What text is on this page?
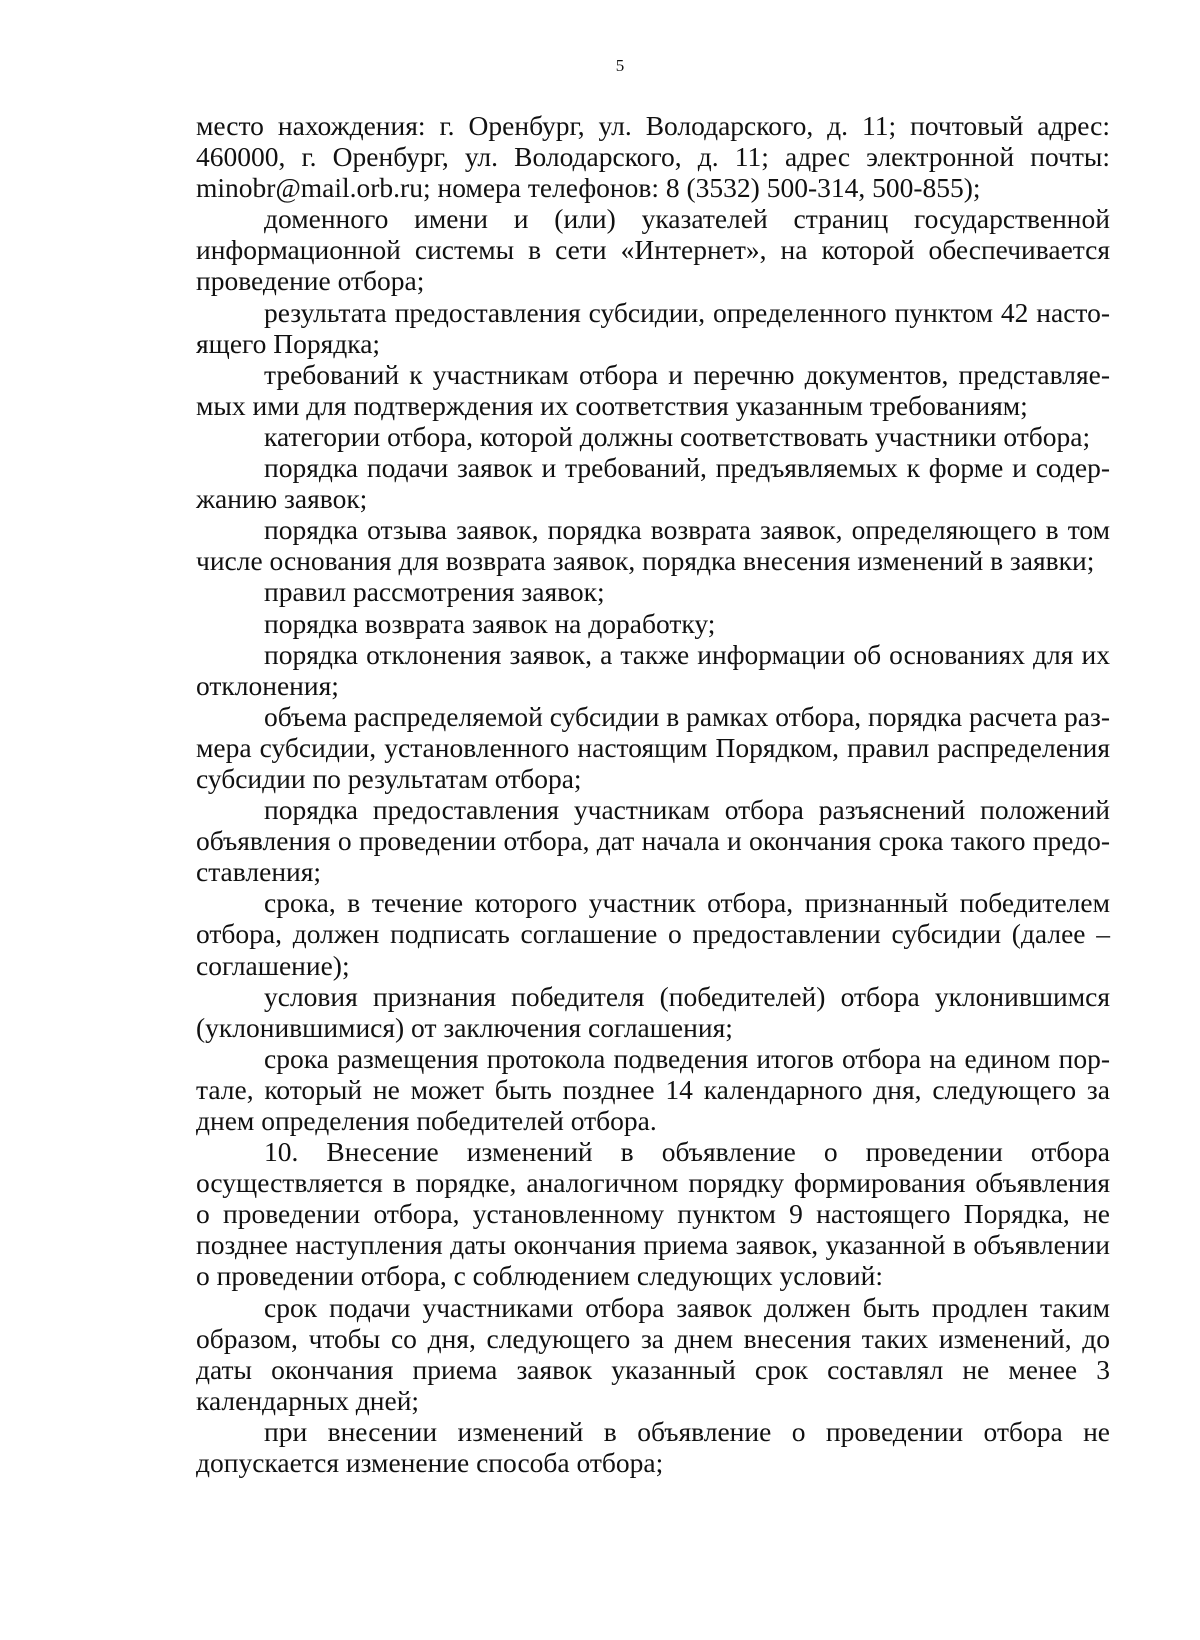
5

место нахождения: г. Оренбург, ул. Володарского, д. 11; почтовый адрес: 460000, г. Оренбург, ул. Володарского, д. 11; адрес электронной почты: minobr@mail.orb.ru; номера телефонов: 8 (3532) 500-314, 500-855);

доменного имени и (или) указателей страниц государственной информационной системы в сети «Интернет», на которой обеспечивается проведение отбора;

результата предоставления субсидии, определенного пунктом 42 настоящего Порядка;

требований к участникам отбора и перечню документов, представляемых ими для подтверждения их соответствия указанным требованиям;

категории отбора, которой должны соответствовать участники отбора;

порядка подачи заявок и требований, предъявляемых к форме и содержанию заявок;

порядка отзыва заявок, порядка возврата заявок, определяющего в том числе основания для возврата заявок, порядка внесения изменений в заявки;

правил рассмотрения заявок;

порядка возврата заявок на доработку;

порядка отклонения заявок, а также информации об основаниях для их отклонения;

объема распределяемой субсидии в рамках отбора, порядка расчета размера субсидии, установленного настоящим Порядком, правил распределения субсидии по результатам отбора;

порядка предоставления участникам отбора разъяснений положений объявления о проведении отбора, дат начала и окончания срока такого предоставления;

срока, в течение которого участник отбора, признанный победителем отбора, должен подписать соглашение о предоставлении субсидии (далее – соглашение);

условия признания победителя (победителей) отбора уклонившимся (уклонившимися) от заключения соглашения;

срока размещения протокола подведения итогов отбора на едином портале, который не может быть позднее 14 календарного дня, следующего за днем определения победителей отбора.

10. Внесение изменений в объявление о проведении отбора осуществляется в порядке, аналогичном порядку формирования объявления о проведении отбора, установленному пунктом 9 настоящего Порядка, не позднее наступления даты окончания приема заявок, указанной в объявлении о проведении отбора, с соблюдением следующих условий:

срок подачи участниками отбора заявок должен быть продлен таким образом, чтобы со дня, следующего за днем внесения таких изменений, до даты окончания приема заявок указанный срок составлял не менее 3 календарных дней;

при внесении изменений в объявление о проведении отбора не допускается изменение способа отбора;
